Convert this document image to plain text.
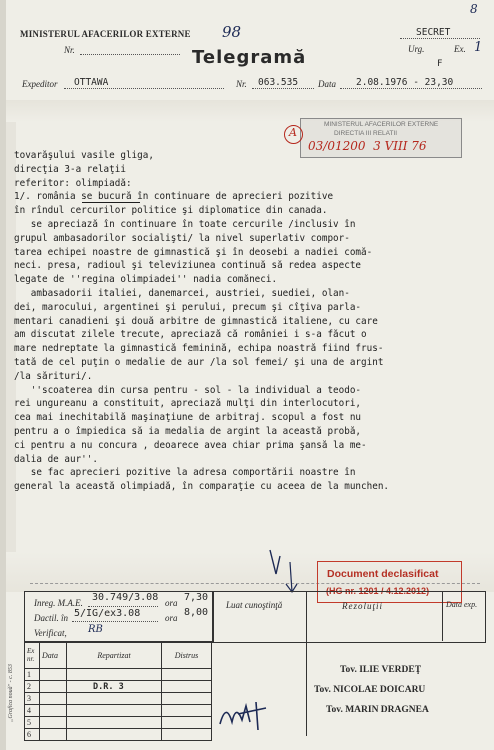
MINISTERUL AFACERILOR EXTERNE 98
8
Nr.	Telegramă
SECRET
Urg.	Ex. 1
F
Expeditor OTTAWA	Nr. 063.535 Data 2.08.1976 - 23,30
MINISTERUL AFACERILOR EXTERNE
DIRECTIA III RELATII
A
03/01200  3 VIII 76
tovarăşului vasile gliga,
direcţia 3-a relaţii
referitor: olimpiadă:
1/. românia se bucură în continuare de aprecieri pozitive
în rîndul cercurilor politice şi diplomatice din canada.
se apreciază în continuare în toate cercurile /inclusiv în
grupul ambasadorilor socialişti/ la nivel superlativ compor-
tarea echipei noastre de gimnastică şi în deosebi a nadiei comă-
neci. presa, radioul şi televiziunea continuă să redea aspecte
legate de ''regina olimpiadei'' nadia comăneci.
ambasadorii italiei, danemarcei, austriei, suediei, olan-
dei, marocului, argentinei şi perului, precum şi cîţiva parla-
mentari canadieni şi două arbitre de gimnastică italiene, cu care
am discutat zilele trecute, apreciază că româniei i s-a făcut o
mare nedreptate la gimnastică feminină, echipa noastră fiind frus-
tată de cel puţin o medalie de aur /la sol femei/ şi una de argint
/la sărituri/.
''scoaterea din cursa pentru - sol - la individual a teodo-
rei ungureanu a constituit, apreciază mulţi din interlocutori,
cea mai inechitabilă maşinaţiune de arbitraj. scopul a fost nu
pentru a o împiedica să ia medalia de argint la această probă,
ci pentru a nu concura , deoarece avea chiar prima şansă la me-
dalia de aur''.
se fac aprecieri pozitive la adresa comportării noastre în
general la această olimpiadă, în comparaţie cu aceea de la munchen.
Document declasificat
(HG nr. 1201 / 4.12.2012)
Inreg. M.A.E. 30.749/3.08 ora 7,30
Dactil. în 5/IG/ex3.08	ora 8,00
Verificat, RB
Luat cunoştinţă	Rezoluţii	Data exp.
„Grafica nouă" - c. 853
Ex nr.	Data	Repartizat	Distrus
1			
2		D.R. 3	
3			
4			
5			
6			
Tov. ILIE VERDEŢ
Tov. NICOLAE DOICARU
Tov. MARIN DRAGNEA
